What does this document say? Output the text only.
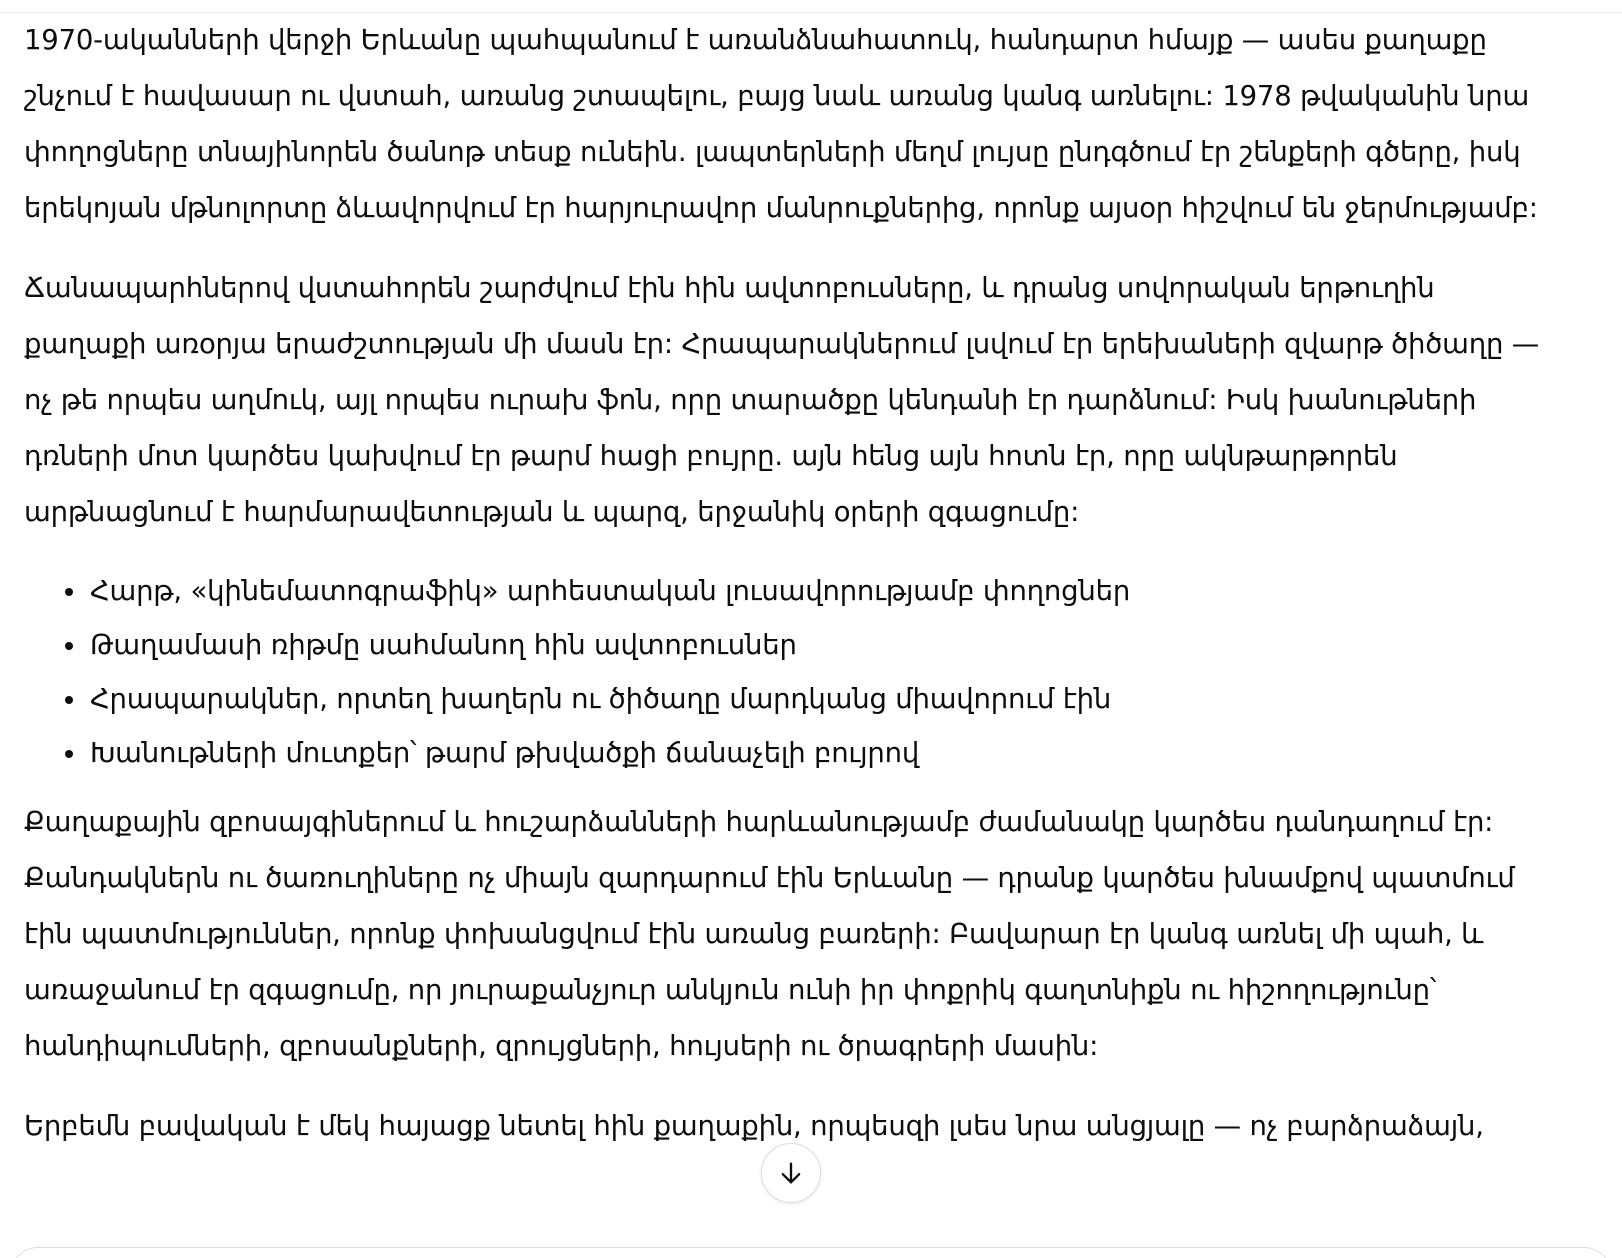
1970-ականների վերջի Երևանը պահպանում է առանձնահատուկ, հանդարտ հմայք — ասես քաղաքը շնչում է հավասար ու վստահ, առանց շտապելու, բայց նաև առանց կանգ առնելու: 1978 թվականին նրա փողոցները տնայինորեն ծանոթ տեսք ունեին. լապտերների մեղմ լույսը ընդգծում էր շենքերի գծերը, իսկ երեկոյան մթնոլորտը ձևավորվում էր հարյուրավոր մանրուքներից, որոնք այսօր հիշվում են ջերմությամբ:

Ճանապարհներով վստահորեն շարժվում էին հին ավտոբուսները, և դրանց սովորական երթուղին քաղաքի առօրյա երաժշտության մի մասն էր: Հրապարակներում լսվում էր երեխաների զվարթ ծիծաղը — ոչ թե որպես աղմուկ, այլ որպես ուրախ ֆոն, որը տարածքը կենդանի էր դարձնում: Իսկ խանութների դռների մոտ կարծես կախվում էր թարմ հացի բույրը. այն հենց այն հոտն էր, որը ակնթարթորեն արթնացնում է հարմարավետության և պարզ, երջանիկ օրերի զգացումը:

• Հարթ, «կինեմատոգրաֆիկ» արհեստական լուսավորությամբ փողոցներ
• Թաղամասի ռիթմը սահմանող հին ավտոբուսներ
• Հրապարակներ, որտեղ խաղերն ու ծիծաղը մարդկանց միավորում էին
• Խանութների մուտքեր՝ թարմ թխվածքի ճանաչելի բույրով

Քաղաքային զբոսայգիներում և հուշարձանների հարևանությամբ ժամանակը կարծես դանդաղում էր: Քանդակներն ու ծառուղիները ոչ միայն զարդարում էին Երևանը — դրանք կարծես խնամքով պատմում էին պատմություններ, որոնք փոխանցվում էին առանց բառերի: Բավարար էր կանգ առնել մի պահ, և առաջանում էր զգացումը, որ յուրաքանչյուր անկյուն ունի իր փոքրիկ գաղտնիքն ու հիշողությունը՝ հանդիպումների, զբոսանքների, զրույցների, հույսերի ու ծրագրերի մասին:

Երբեմն բավական է մեկ հայացք նետել հին քաղաքին, որպեսզի լսես նրա անցյալը — ոչ բարձրաձայն,
